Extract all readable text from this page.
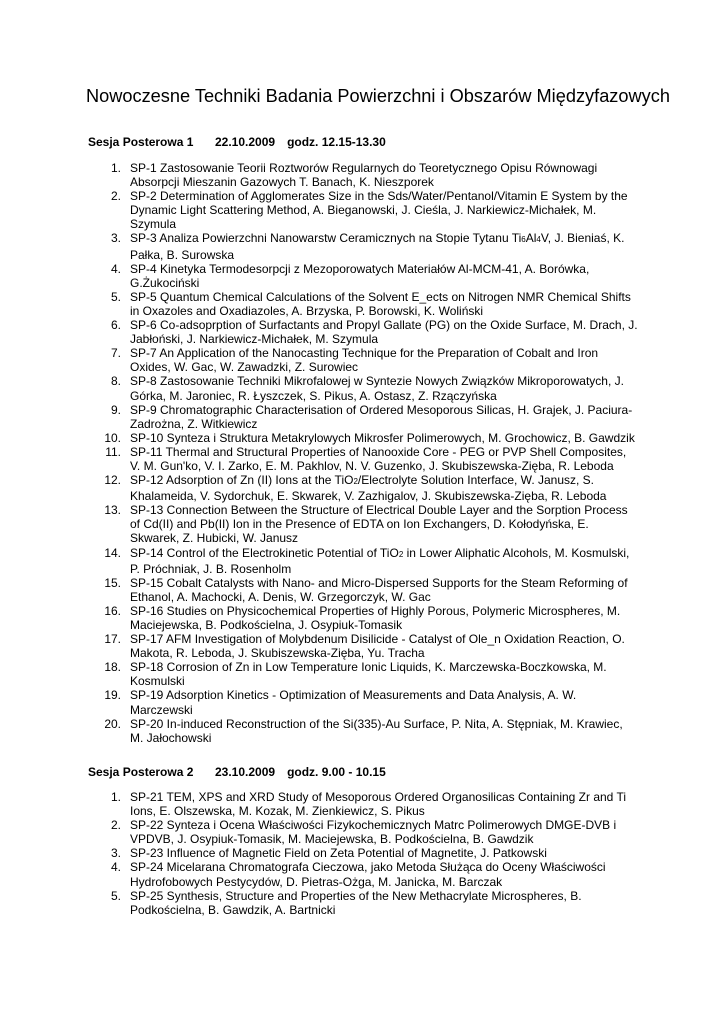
Nowoczesne Techniki Badania Powierzchni i Obszarów Międzyfazowych
Sesja Posterowa 1 22.10.2009 godz. 12.15-13.30
1. SP-1 Zastosowanie Teorii Roztworów Regularnych do Teoretycznego Opisu Równowagi Absorpcji Mieszanin Gazowych T. Banach, K. Nieszporek
2. SP-2 Determination of Agglomerates Size in the Sds/Water/Pentanol/Vitamin E System by the Dynamic Light Scattering Method, A. Bieganowski, J. Cieśla, J. Narkiewicz-Michałek, M. Szymula
3. SP-3 Analiza Powierzchni Nanowarstw Ceramicznych na Stopie Tytanu Ti6Al4V, J. Bieniaś, K. Pałka, B. Surowska
4. SP-4 Kinetyka Termodesorpcji z Mezoporowatych Materiałów Al-MCM-41, A. Borówka, G.Żukociński
5. SP-5 Quantum Chemical Calculations of the Solvent E_ects on Nitrogen NMR Chemical Shifts in Oxazoles and Oxadiazoles, A. Brzyska, P. Borowski, K. Woliński
6. SP-6 Co-adsoprption of Surfactants and Propyl Gallate (PG) on the Oxide Surface, M. Drach, J. Jabłoński, J. Narkiewicz-Michałek, M. Szymula
7. SP-7 An Application of the Nanocasting Technique for the Preparation of Cobalt and Iron Oxides, W. Gac, W. Zawadzki, Z. Surowiec
8. SP-8 Zastosowanie Techniki Mikrofalowej w Syntezie Nowych Związków Mikroporowatych, J. Górka, M. Jaroniec, R. Łyszczek, S. Pikus, A. Ostasz, Z. Rzączyńska
9. SP-9 Chromatographic Characterisation of Ordered Mesoporous Silicas, H. Grajek, J. Paciura-Zadrożna, Z. Witkiewicz
10. SP-10 Synteza i Struktura Metakrylowych Mikrosfer Polimerowych, M. Grochowicz, B. Gawdzik
11. SP-11 Thermal and Structural Properties of Nanooxide Core - PEG or PVP Shell Composites, V. M. Gun'ko, V. I. Zarko, E. M. Pakhlov, N. V. Guzenko, J. Skubiszewska-Zięba, R. Leboda
12. SP-12 Adsorption of Zn (II) Ions at the TiO2/Electrolyte Solution Interface, W. Janusz, S. Khalameida, V. Sydorchuk, E. Skwarek, V. Zazhigalov, J. Skubiszewska-Zięba, R. Leboda
13. SP-13 Connection Between the Structure of Electrical Double Layer and the Sorption Process of Cd(II) and Pb(II) Ion in the Presence of EDTA on Ion Exchangers, D. Kołodyńska, E. Skwarek, Z. Hubicki, W. Janusz
14. SP-14 Control of the Electrokinetic Potential of TiO2 in Lower Aliphatic Alcohols, M. Kosmulski, P. Próchniak, J. B. Rosenholm
15. SP-15 Cobalt Catalysts with Nano- and Micro-Dispersed Supports for the Steam Reforming of Ethanol, A. Machocki, A. Denis, W. Grzegorczyk, W. Gac
16. SP-16 Studies on Physicochemical Properties of Highly Porous, Polymeric Microspheres, M. Maciejewska, B. Podkościelna, J. Osypiuk-Tomasik
17. SP-17 AFM Investigation of Molybdenum Disilicide - Catalyst of Ole_n Oxidation Reaction, O. Makota, R. Leboda, J. Skubiszewska-Zięba, Yu. Tracha
18. SP-18 Corrosion of Zn in Low Temperature Ionic Liquids, K. Marczewska-Boczkowska, M. Kosmulski
19. SP-19 Adsorption Kinetics - Optimization of Measurements and Data Analysis, A. W. Marczewski
20. SP-20 In-induced Reconstruction of the Si(335)-Au Surface, P. Nita, A. Stępniak, M. Krawiec, M. Jałochowski
Sesja Posterowa 2 23.10.2009 godz. 9.00 - 10.15
1. SP-21 TEM, XPS and XRD Study of Mesoporous Ordered Organosilicas Containing Zr and Ti Ions, E. Olszewska, M. Kozak, M. Zienkiewicz, S. Pikus
2. SP-22 Synteza i Ocena Właściwości Fizykochemicznych Matrc Polimerowych DMGE-DVB i VPDVB, J. Osypiuk-Tomasik, M. Maciejewska, B. Podkościelna, B. Gawdzik
3. SP-23 Influence of Magnetic Field on Zeta Potential of Magnetite, J. Patkowski
4. SP-24 Micelarana Chromatografa Cieczowa, jako Metoda Służąca do Oceny Właściwości Hydrofobowych Pestycydów, D. Pietras-Ożga, M. Janicka, M. Barczak
5. SP-25 Synthesis, Structure and Properties of the New Methacrylate Microspheres, B. Podkościelna, B. Gawdzik, A. Bartnicki
